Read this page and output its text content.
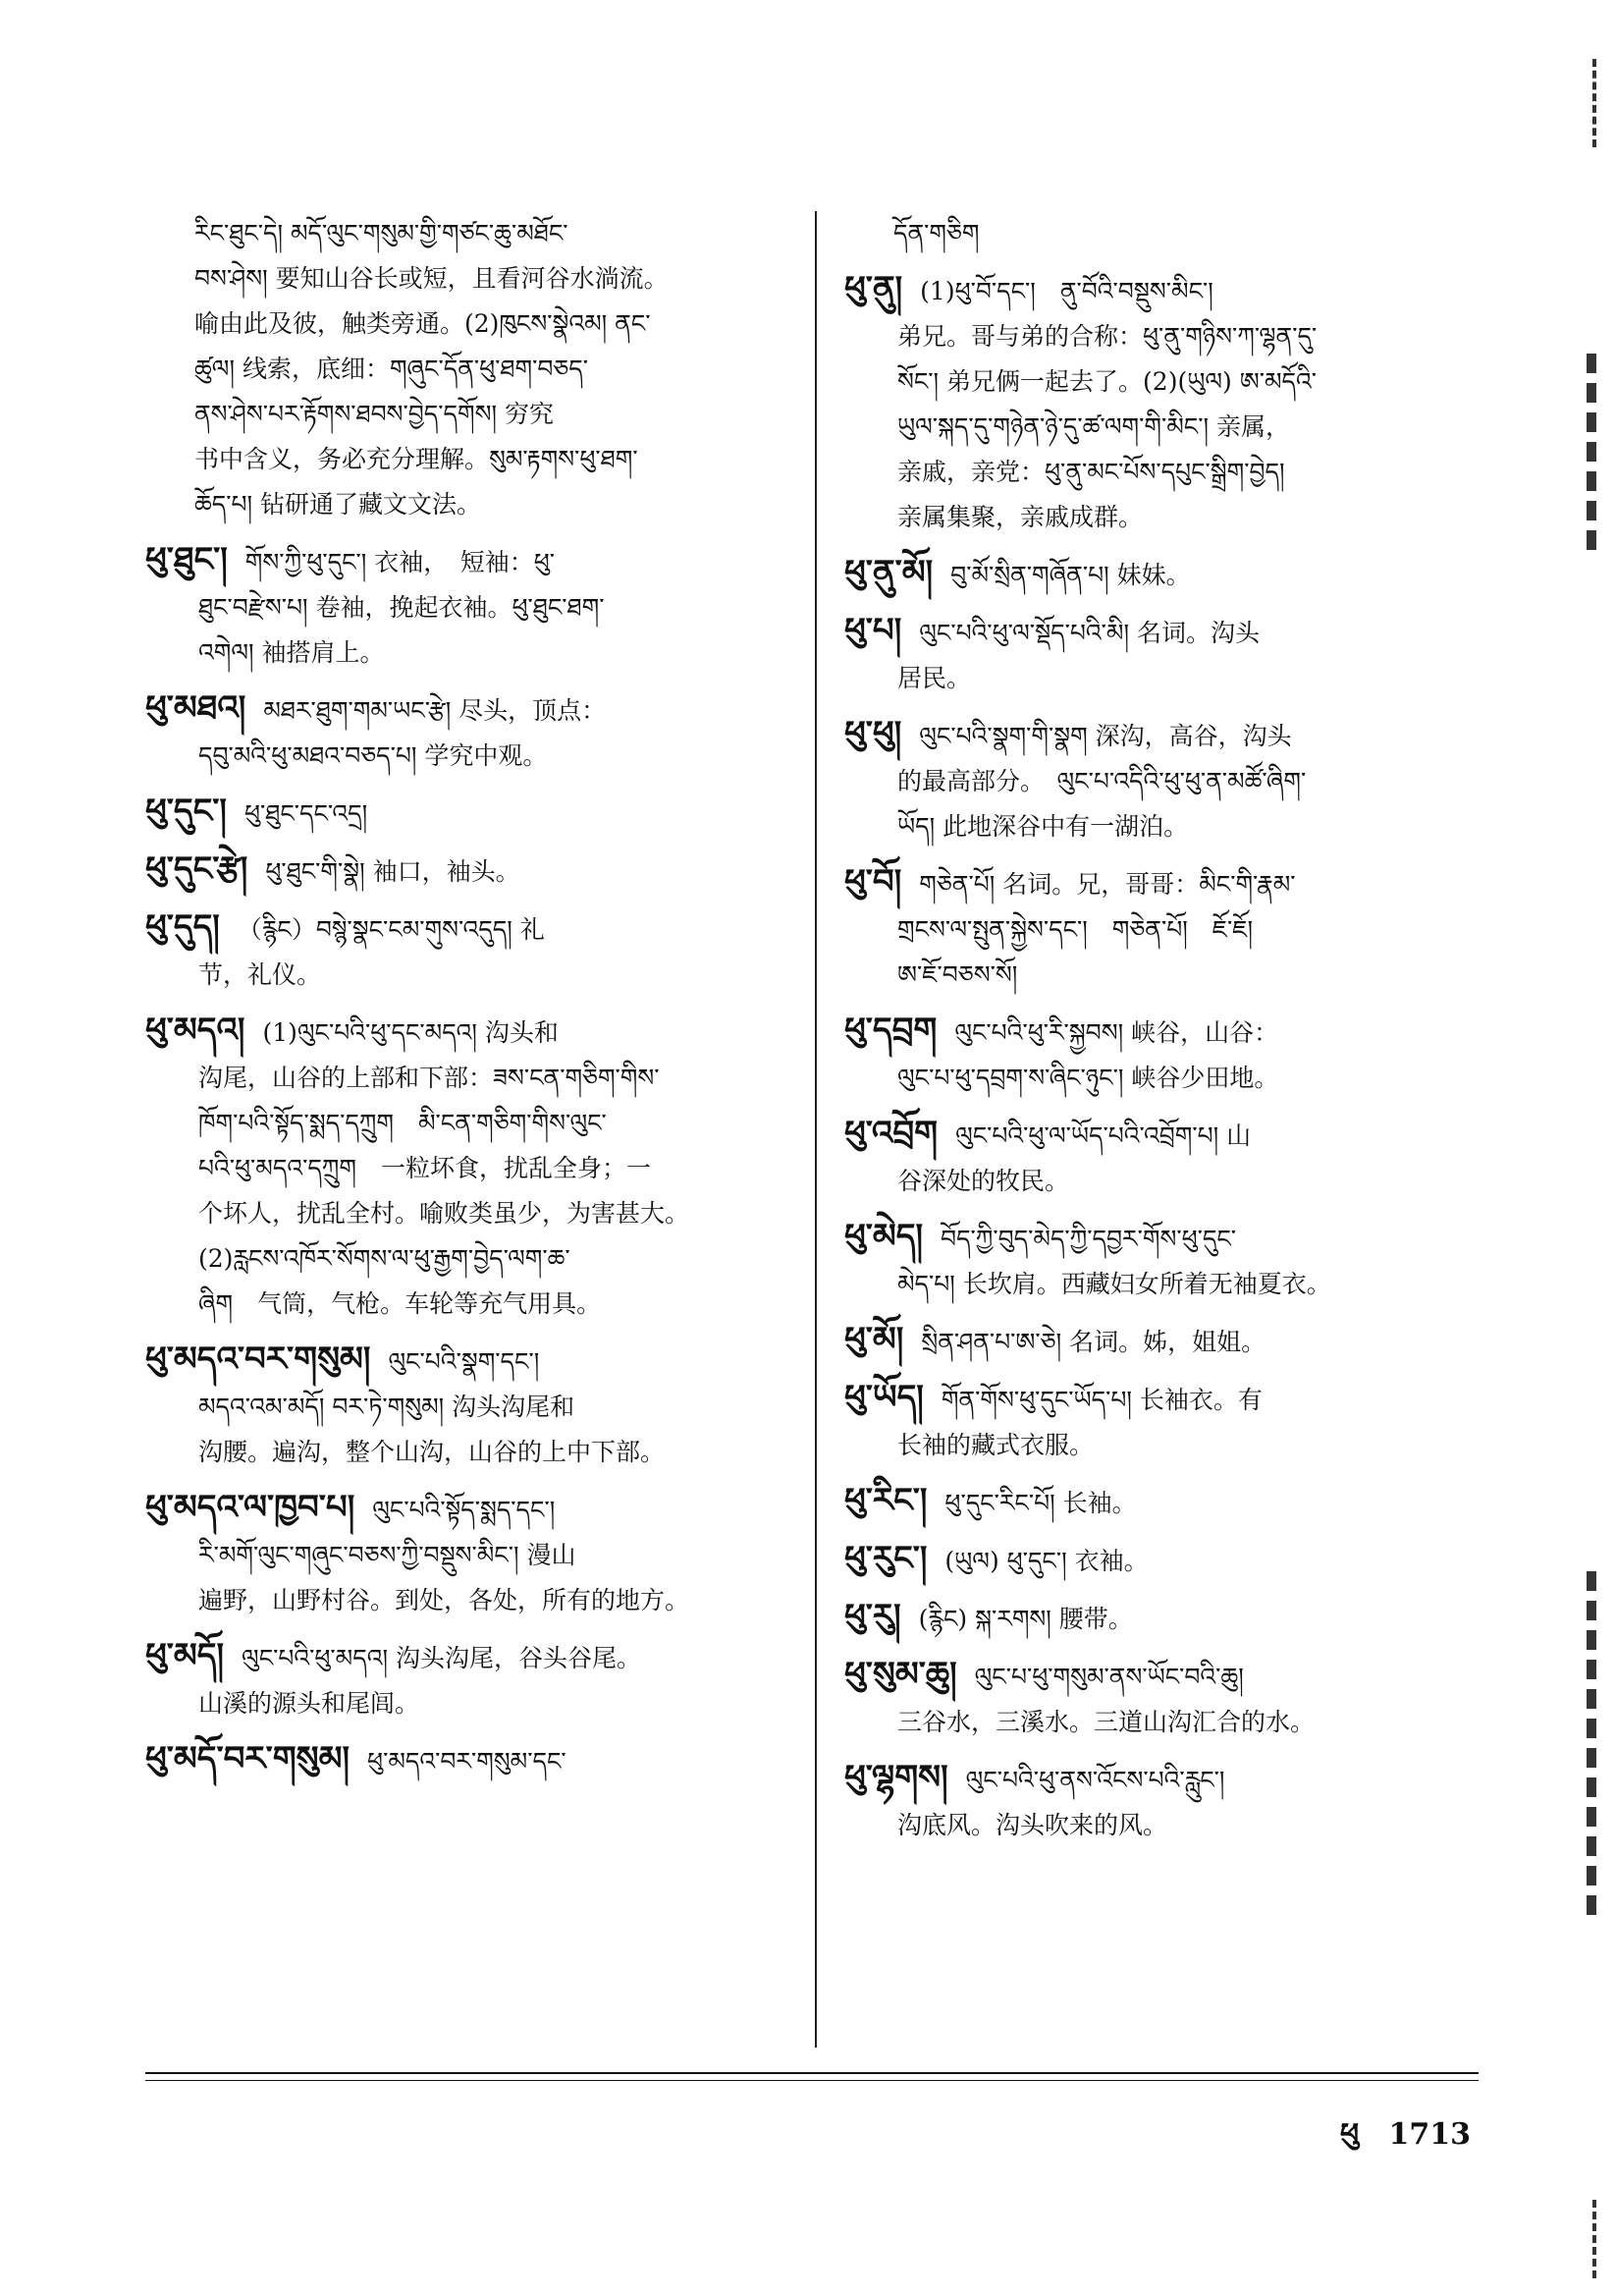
རིང་ཐུང་དེ། མདོ་ལུང་གསུམ་གྱི་གཙང་ཆུ་མཐོང་
བས་ཤེས། 要知山谷长或短，且看河谷水淌流。
喻由此及彼，触类旁通。(2)ཁུངས་སྣེའམ། ནང་
ཚུལ། 线索，底细：གཞུང་དོན་ཕུ་ཐག་བཅད་
ནས་ཤེས་པར་རྟོགས་ཐབས་བྱེད་དགོས། 穷究
书中含义，务必充分理解。སུམ་རྟགས་ཕུ་ཐག་
ཆོད་པ། 钻研通了藏文文法。
ཕུ་ཐུང་། གོས་ཀྱི་ཕུ་དུང་། 衣袖，　短袖：ཕུ་
ཐུང་བརྫེས་པ། 卷袖，挽起衣袖。ཕུ་ཐུང་ཐག་
འགེལ། 袖搭肩上。
ཕུ་མཐའ། མཐར་ཐུག་གམ་ཡང་རྩེ། 尽头，顶点：
དབུ་མའི་ཕུ་མཐའ་བཅད་པ། 学究中观。
ཕུ་དུང་། ཕུ་ཐུང་དང་འདྲ།
ཕུ་དུང་རྩེ། ཕུ་ཐུང་གི་སྣེ། 袖口，袖头。
ཕུ་དུད། （རྙིང）བསྙེ་སྣང་ངམ་གུས་འདུད། 礼
节，礼仪。
ཕུ་མདའ། (1)ལུང་པའི་ཕུ་དང་མདའ། 沟头和
沟尾，山谷的上部和下部：ཟས་ངན་གཅིག་གིས་
ཁོག་པའི་སྟོད་སྨད་དཀྲུག　མི་ངན་གཅིག་གིས་ལུང་
པའི་ཕུ་མདའ་དཀྲུག　一粒坏食，扰乱全身；一
个坏人，扰乱全村。喻败类虽少，为害甚大。
(2)རླངས་འཁོར་སོགས་ལ་ཕུ་རྒྱག་བྱེད་ལག་ཆ་
ཞིག　气筒，气枪。车轮等充气用具。
ཕུ་མདའ་བར་གསུམ། ལུང་པའི་སྣག་དང་།
མདའ་འམ་མདོ། བར་ཏེ་གསུམ། 沟头沟尾和
沟腰。遍沟，整个山沟，山谷的上中下部。
ཕུ་མདའ་ལ་ཁྱབ་པ། ལུང་པའི་སྟོད་སྨད་དང་།
རི་མགོ་ལུང་གཞུང་བཅས་ཀྱི་བསྡུས་མིང་། 漫山
遍野，山野村谷。到处，各处，所有的地方。
ཕུ་མདོ། ལུང་པའི་ཕུ་མདའ། 沟头沟尾，谷头谷尾。
山溪的源头和尾闾。
ཕུ་མདོ་བར་གསུམ། ཕུ་མདའ་བར་གསུམ་དང་
དོན་གཅིག
ཕུ་ནུ། (1)ཕུ་བོ་དང་།　ནུ་བོའི་བསྡུས་མིང་།
弟兄。哥与弟的合称：ཕུ་ནུ་གཉིས་ཀ་ལྷན་དུ་
སོང་། 弟兄俩一起去了。(2)(ཡུལ) ཨ་མདོའི་
ཡུལ་སྐད་དུ་གཉེན་ཉེ་དུ་ཚ་ལག་གི་མིང་། 亲属，
亲戚，亲党：ཕུ་ནུ་མང་པོས་དཔུང་སྒྲིག་བྱེད།
亲属集聚，亲戚成群。
ཕུ་ནུ་མོ། བུ་མོ་སྲིན་གཞོན་པ། 妹妹。
ཕུ་པ། ལུང་པའི་ཕུ་ལ་སྡོད་པའི་མི། 名词。沟头
居民。
ཕུ་ཕུ། ལུང་པའི་སྣག་གི་སྣག 深沟，高谷，沟头
的最高部分。　ལུང་པ་འདིའི་ཕུ་ཕུ་ན་མཚོ་ཞིག་
ཡོད། 此地深谷中有一湖泊。
ཕུ་བོ། གཅེན་པོ། 名词。兄，哥哥：མིང་གི་རྣམ་
གྲངས་ལ་སྤུན་སྐྱེས་དང་།　གཅེན་པོ།　ཇོ་ཇོ།
ཨ་ཇོ་བཅས་སོ།
ཕུ་དབྲག ལུང་པའི་ཕུ་རི་སྐྱབས། 峡谷，山谷：
ལུང་པ་ཕུ་དབྲག་ས་ཞིང་ཉུང་། 峡谷少田地。
ཕུ་འབྲོག ལུང་པའི་ཕུ་ལ་ཡོད་པའི་འབྲོག་པ། 山
谷深处的牧民。
ཕུ་མེད། བོད་ཀྱི་བུད་མེད་ཀྱི་དབྱར་གོས་ཕུ་དུང་
མེད་པ། 长坎肩。西藏妇女所着无袖夏衣。
ཕུ་མོ། སྲིན་ཤན་པ་ཨ་ཅེ། 名词。姊，姐姐。
ཕུ་ཡོད། གོན་གོས་ཕུ་དུང་ཡོད་པ། 长袖衣。有
长袖的藏式衣服。
ཕུ་རིང་། ཕུ་དུང་རིང་པོ། 长袖。
ཕུ་རུང་། (ཡུལ) ཕུ་དུང་། 衣袖。
ཕུ་རུ། (རྙིང) སྐ་རགས། 腰带。
ཕུ་སུམ་ཆུ། ལུང་པ་ཕུ་གསུམ་ནས་ཡོང་བའི་ཆུ།
三谷水，三溪水。三道山沟汇合的水。
ཕུ་ལྷགས། ལུང་པའི་ཕུ་ནས་འོངས་པའི་རླུང་།
沟底风。沟头吹来的风。
ཕུ 1713
